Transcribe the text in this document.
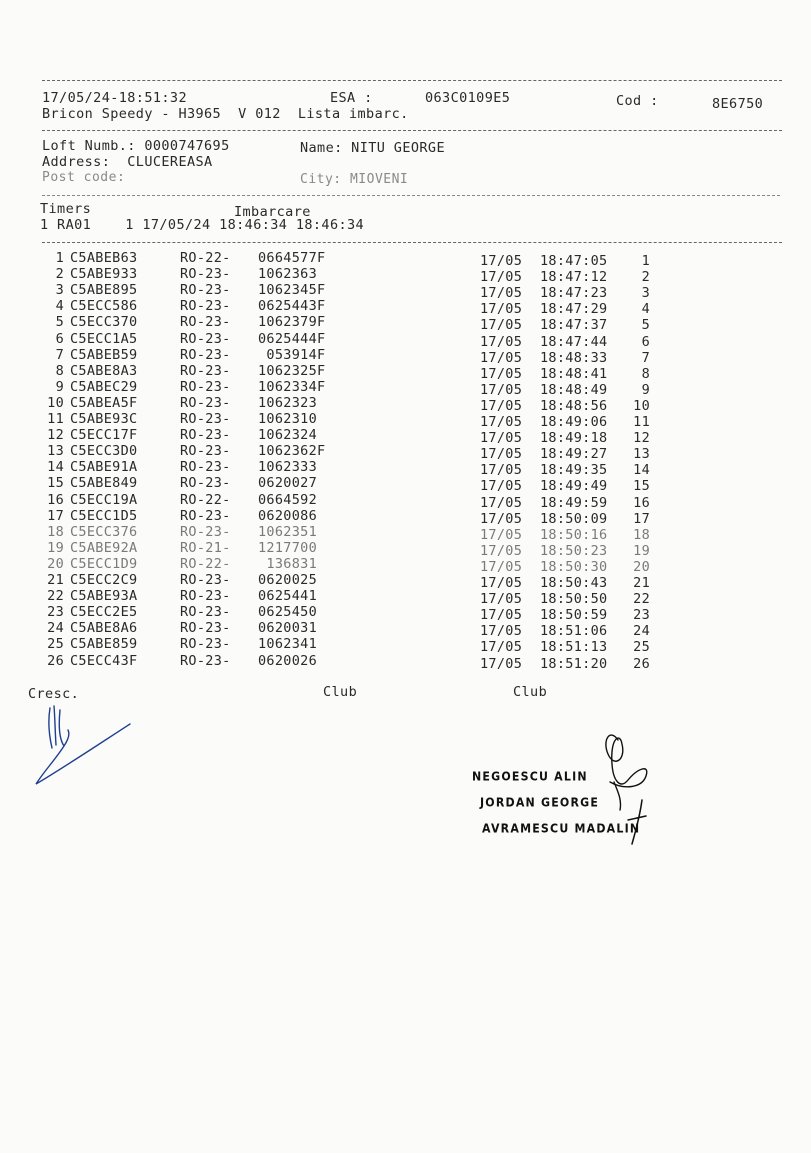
17/05/24-18:51:32	ESA :	063C0109E5	Cod :	8E6750
Bricon Speedy - H3965  V 012  Lista imbarc.
Loft Numb.: 0000747695	Name: NITU GEORGE
Address:  CLUCEREASA
Post code:	City: MIOVENI
Timers	Imbarcare
1 RA01    1 17/05/24 18:46:34 18:46:34
1 C5ABEB63	RO-22- 0664577F	17/05 18:47:05	1
2 C5ABE933	RO-23- 1062363	17/05 18:47:12	2
3 C5ABE895	RO-23- 1062345F	17/05 18:47:23	3
4 C5ECC586	RO-23- 0625443F	17/05 18:47:29	4
5 C5ECC370	RO-23- 1062379F	17/05 18:47:37	5
6 C5ECC1A5	RO-23- 0625444F	17/05 18:47:44	6
7 C5ABEB59	RO-23- 053914F	17/05 18:48:33	7
8 C5ABE8A3	RO-23- 1062325F	17/05 18:48:41	8
9 C5ABEC29	RO-23- 1062334F	17/05 18:48:49	9
10 C5ABEA5F	RO-23- 1062323	17/05 18:48:56	10
11 C5ABE93C	RO-23- 1062310	17/05 18:49:06	11
12 C5ECC17F	RO-23- 1062324	17/05 18:49:18	12
13 C5ECC3D0	RO-23- 1062362F	17/05 18:49:27	13
14 C5ABE91A	RO-23- 1062333	17/05 18:49:35	14
15 C5ABE849	RO-23- 0620027	17/05 18:49:49	15
16 C5ECC19A	RO-22- 0664592	17/05 18:49:59	16
17 C5ECC1D5	RO-23- 0620086	17/05 18:50:09	17
18 C5ECC376	RO-23- 1062351	17/05 18:50:16	18
19 C5ABE92A	RO-21- 1217700	17/05 18:50:23	19
20 C5ECC1D9	RO-22- 136831	17/05 18:50:30	20
21 C5ECC2C9	RO-23- 0620025	17/05 18:50:43	21
22 C5ABE93A	RO-23- 0625441	17/05 18:50:50	22
23 C5ECC2E5	RO-23- 0625450	17/05 18:50:59	23
24 C5ABE8A6	RO-23- 0620031	17/05 18:51:06	24
25 C5ABE859	RO-23- 1062341	17/05 18:51:13	25
26 C5ECC43F	RO-23- 0620026	17/05 18:51:20	26
Cresc.	Club	Club
NEGOESCU ALIN
JORDAN GEORGE
AVRAMESCU MADALIN
